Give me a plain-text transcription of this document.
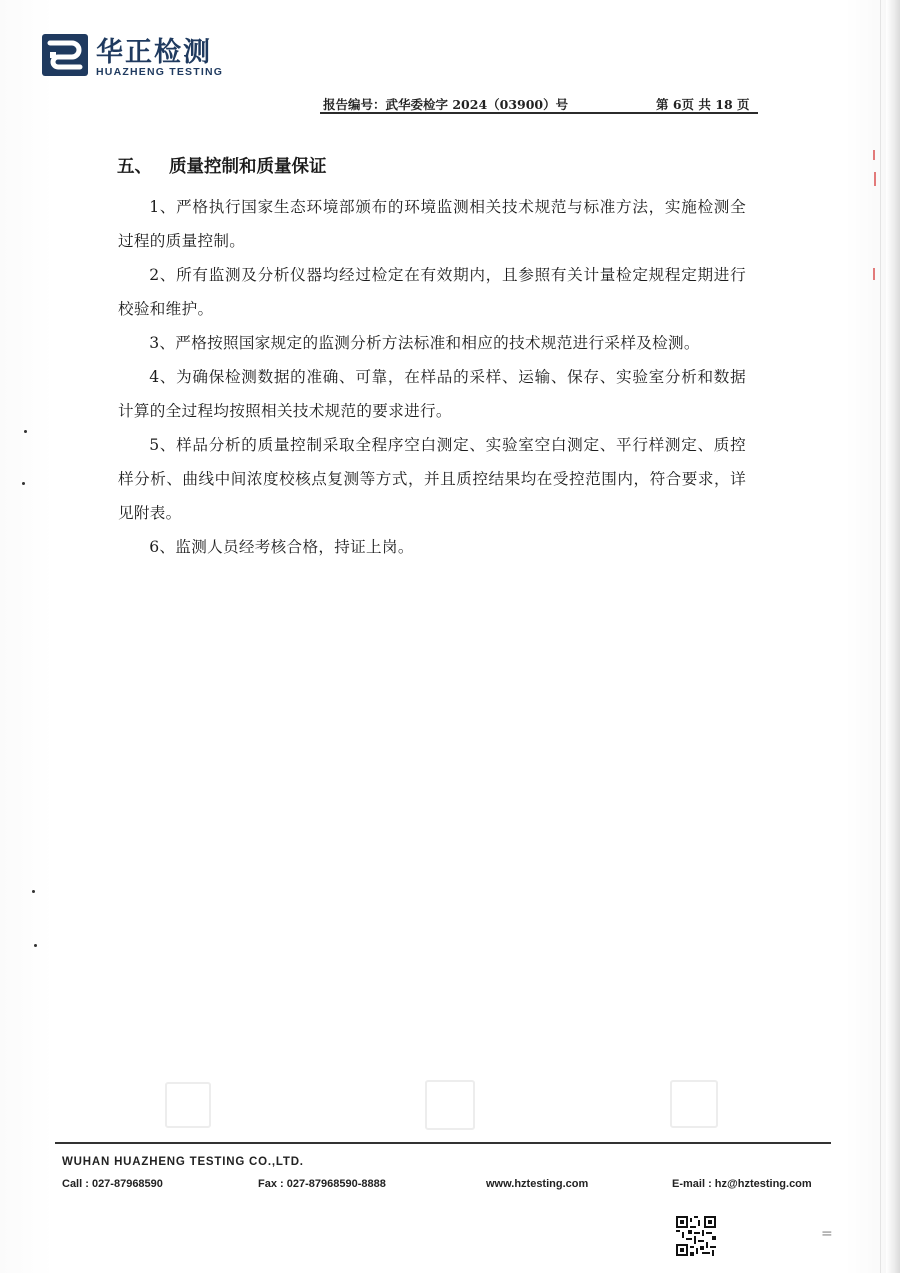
华正检测
HUAZHENG TESTING
报告编号：武华委检字 2024（03900）号	第 6页 共 18 页
五、 质量控制和质量保证

1、严格执行国家生态环境部颁布的环境监测相关技术规范与标准方法，实施检测全过程的质量控制。

2、所有监测及分析仪器均经过检定在有效期内，且参照有关计量检定规程定期进行校验和维护。

3、严格按照国家规定的监测分析方法标准和相应的技术规范进行采样及检测。

4、为确保检测数据的准确、可靠，在样品的采样、运输、保存、实验室分析和数据计算的全过程均按照相关技术规范的要求进行。

5、样品分析的质量控制采取全程序空白测定、实验室空白测定、平行样测定、质控样分析、曲线中间浓度校核点复测等方式，并且质控结果均在受控范围内，符合要求，详见附表。

6、监测人员经考核合格，持证上岗。

WUHAN HUAZHENG TESTING CO.,LTD.
Call : 027-87968590	Fax : 027-87968590-8888	www.hztesting.com	E-mail : hz@hztesting.com
=
